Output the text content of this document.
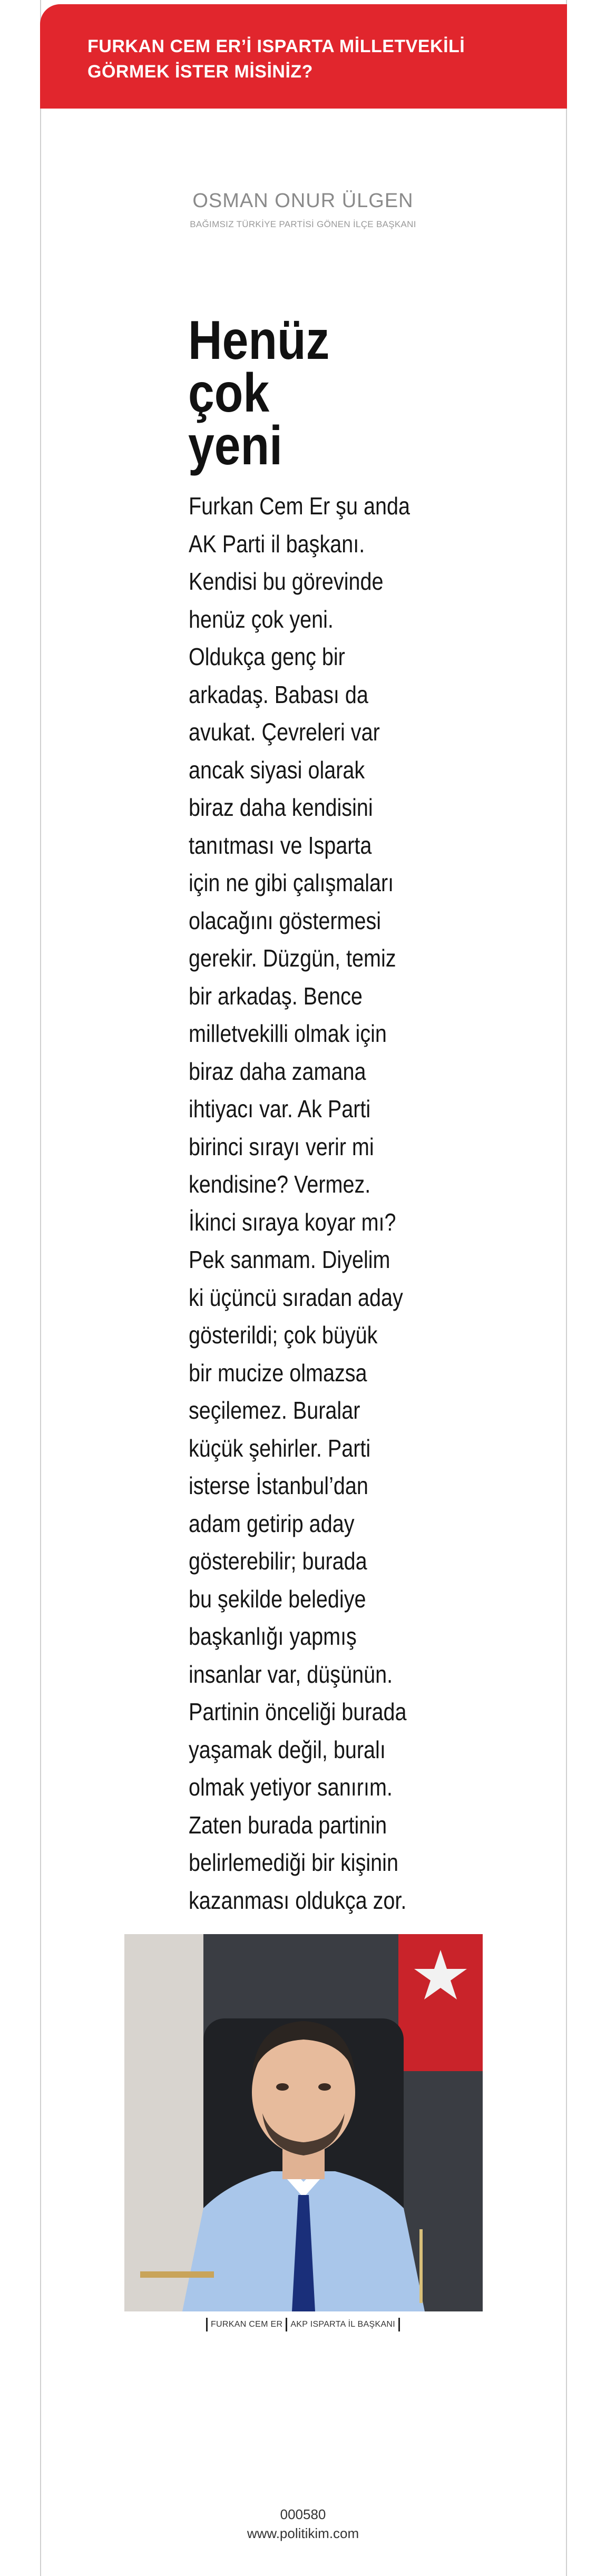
FURKAN CEM ER’İ ISPARTA MİLLETVEKİLİ
GÖRMEK İSTER MİSİNİZ?
OSMAN ONUR ÜLGEN
BAĞIMSIZ TÜRKİYE PARTİSİ GÖNEN İLÇE BAŞKANI
Henüz
çok
yeni
Furkan Cem Er şu anda
AK Parti il başkanı.
Kendisi bu görevinde
henüz çok yeni.
Oldukça genç bir
arkadaş. Babası da
avukat. Çevreleri var
ancak siyasi olarak
biraz daha kendisini
tanıtması ve Isparta
için ne gibi çalışmaları
olacağını göstermesi
gerekir. Düzgün, temiz
bir arkadaş. Bence
milletvekilli olmak için
biraz daha zamana
ihtiyacı var. Ak Parti
birinci sırayı verir mi
kendisine? Vermez.
İkinci sıraya koyar mı?
Pek sanmam. Diyelim
ki üçüncü sıradan aday
gösterildi; çok büyük
bir mucize olmazsa
seçilemez. Buralar
küçük şehirler. Parti
isterse İstanbul’dan
adam getirip aday
gösterebilir; burada
bu şekilde belediye
başkanlığı yapmış
insanlar var, düşünün.
Partinin önceliği burada
yaşamak değil, buralı
olmak yetiyor sanırım.
Zaten burada partinin
belirlemediği bir kişinin
kazanması oldukça zor.
FURKAN CEM ER AKP ISPARTA İL BAŞKANI
000580
www.politikim.com
